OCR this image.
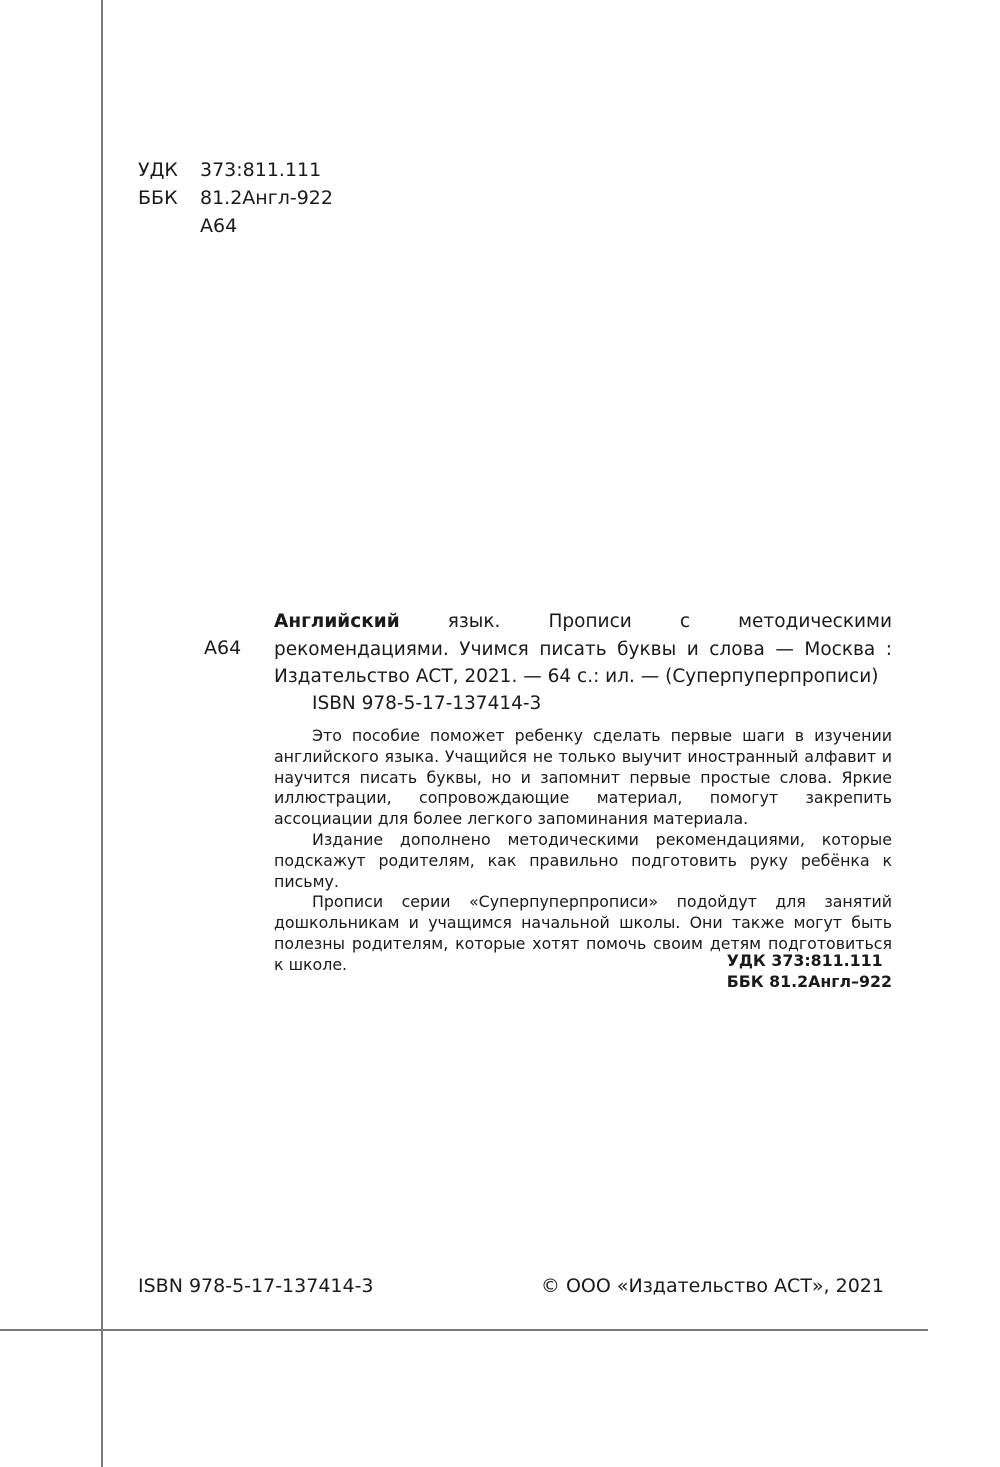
УДК 373:811.111
ББК 81.2Англ-922
А64
А64

Английский язык. Прописи с методическими рекомендациями. Учимся писать буквы и слова — Москва : Издательство АСТ, 2021. — 64 с.: ил. — (Суперпуперпрописи)

ISBN 978-5-17-137414-3

Это пособие поможет ребенку сделать первые шаги в изучении английского языка. Учащийся не только выучит иностранный алфавит и научится писать буквы, но и запомнит первые простые слова. Яркие иллюстрации, сопровождающие материал, помогут закрепить ассоциации для более легкого запоминания материала.

Издание дополнено методическими рекомендациями, которые подскажут родителям, как правильно подготовить руку ребёнка к письму.

Прописи серии «Суперпуперпрописи» подойдут для занятий дошкольникам и учащимся начальной школы. Они также могут быть полезны родителям, которые хотят помочь своим детям подготовиться к школе.	УДК 373:811.111
ББК 81.2Англ–922
ISBN 978-5-17-137414-3	© ООО «Издательство АСТ», 2021
